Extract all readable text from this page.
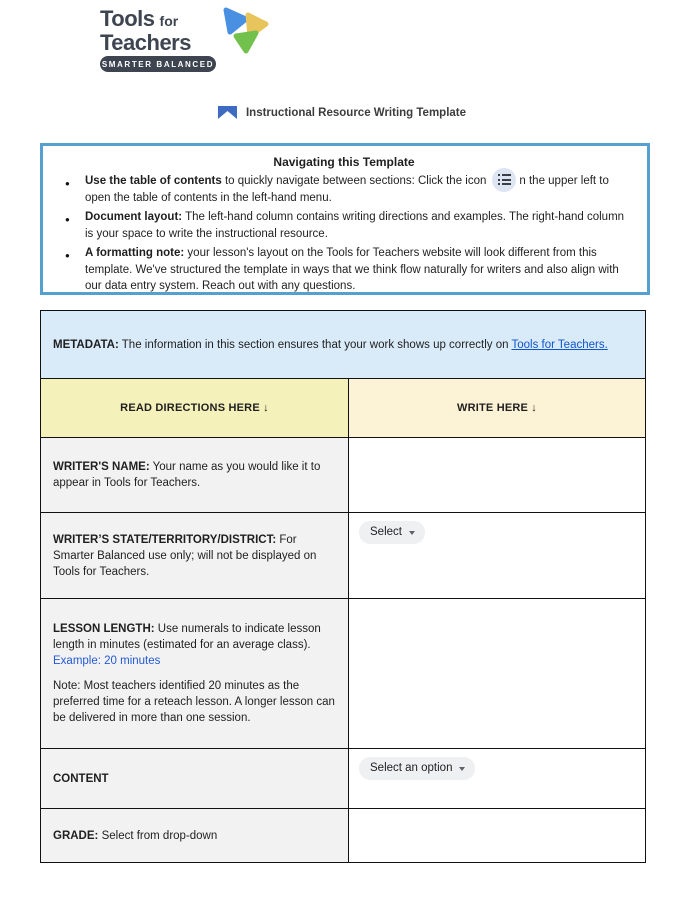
Tools for
Teachers
SMARTER BALANCED
Instructional Resource Writing Template
Navigating this Template
● Use the table of contents to quickly navigate between sections: Click the icon	n the upper left to open the table of contents in the left-hand menu.
● Document layout: The left-hand column contains writing directions and examples. The right-hand column is your space to write the instructional resource.
● A formatting note: your lesson's layout on the Tools for Teachers website will look different from this template. We've structured the template in ways that we think flow naturally for writers and also align with our data entry system. Reach out with any questions.
METADATA: The information in this section ensures that your work shows up correctly on Tools for Teachers.	
READ DIRECTIONS HERE ↓	WRITE HERE ↓
WRITER'S NAME: Your name as you would like it to appear in Tools for Teachers.	
WRITER’S STATE/TERRITORY/DISTRICT: For Smarter Balanced use only; will not be displayed on Tools for Teachers.	Select

LESSON LENGTH: Use numerals to indicate lesson length in minutes (estimated for an average class).
Example: 20 minutes
Note: Most teachers identified 20 minutes as the preferred time for a reteach lesson. A longer lesson can be delivered in more than one session.	

CONTENT	Select an option

GRADE: Select from drop-down	
